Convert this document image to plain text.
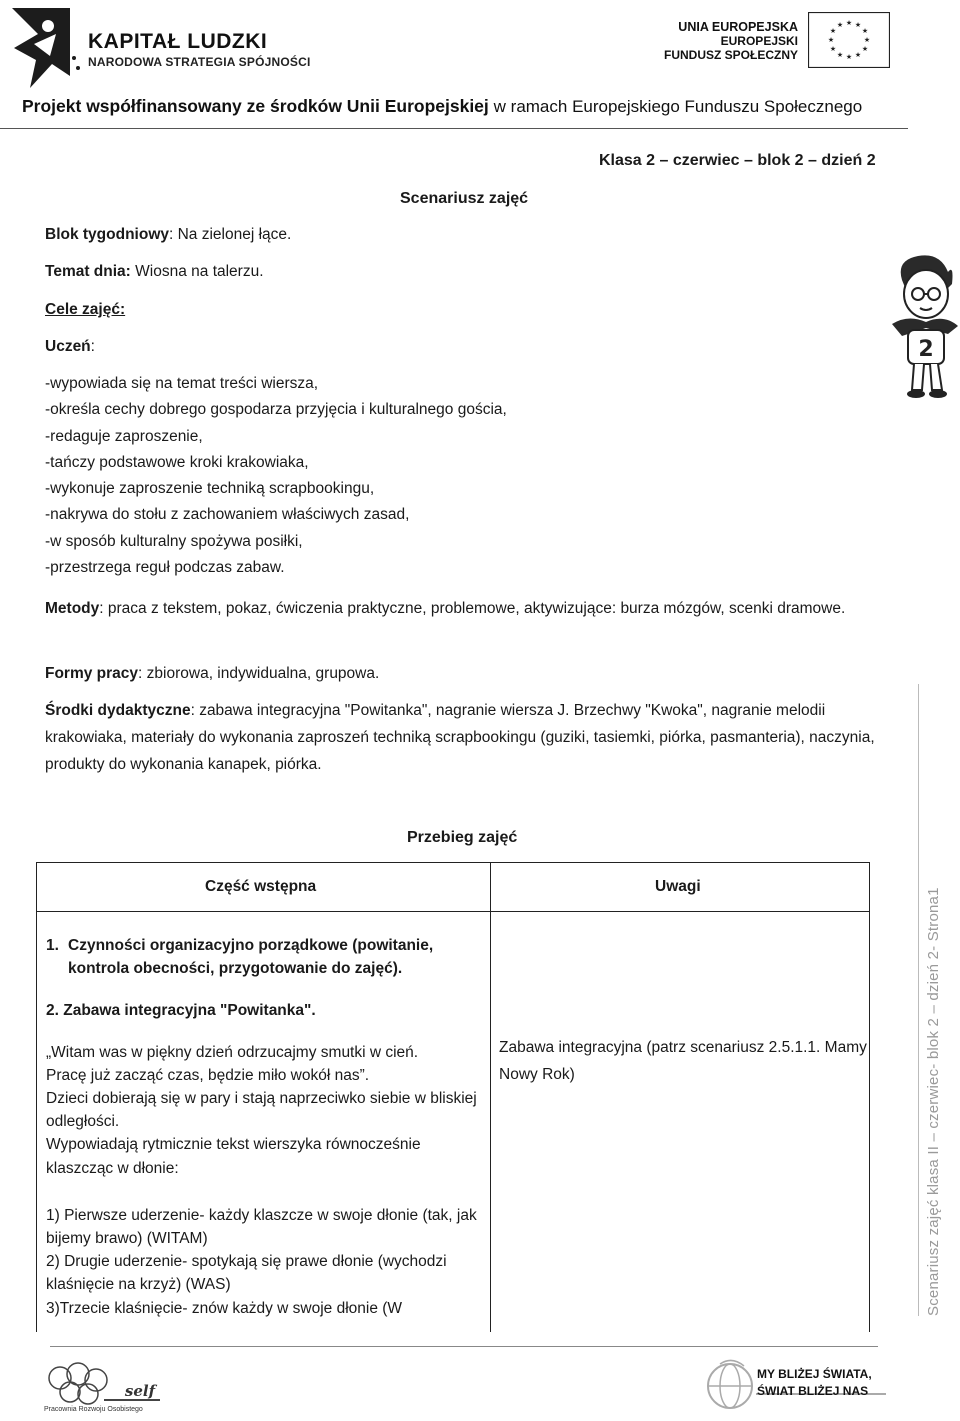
KAPITAŁ LUDZKI
NARODOWA STRATEGIA SPÓJNOŚCI
UNIA EUROPEJSKA
EUROPEJSKI
FUNDUSZ SPOŁECZNY
★ ★
★
★
★
★
★
★
★
★
★
★
Projekt współfinansowany ze środków Unii Europejskiej w ramach Europejskiego Funduszu Społecznego
Klasa 2 – czerwiec – blok 2 – dzień 2
Scenariusz zajęć
Blok tygodniowy: Na zielonej łące.
Temat dnia: Wiosna na talerzu.
Cele zajęć:
Uczeń:
-wypowiada się na temat treści wiersza,
-określa cechy dobrego gospodarza przyjęcia i kulturalnego gościa,
-redaguje zaproszenie,
-tańczy podstawowe kroki krakowiaka,
-wykonuje zaproszenie techniką scrapbookingu,
-nakrywa do stołu z zachowaniem właściwych zasad,
-w sposób kulturalny spożywa posiłki,
-przestrzega reguł podczas zabaw.
Metody: praca z tekstem, pokaz, ćwiczenia praktyczne, problemowe, aktywizujące: burza mózgów, scenki dramowe.
Formy pracy: zbiorowa, indywidualna, grupowa.
Środki dydaktyczne: zabawa integracyjna "Powitanka", nagranie wiersza J. Brzechwy "Kwoka", nagranie melodii krakowiaka, materiały do wykonania zaproszeń techniką scrapbookingu (guziki, tasiemki, piórka, pasmanteria), naczynia, produkty do wykonania kanapek, piórka.
Przebieg zajęć
Część wstępna	Uwagi
1. Czynności organizacyjno porządkowe (powitanie, kontrola obecności, przygotowanie do zajęć).
2. Zabawa integracyjna "Powitanka".
„Witam was w piękny dzień odrzucajmy smutki w cień.
Pracę już zacząć czas, będzie miło wokół nas”.
Dzieci dobierają się w pary i stają naprzeciwko siebie w bliskiej odległości.
Wypowiadają rytmicznie tekst wierszyka równocześnie klaszcząc w dłonie:
1) Pierwsze uderzenie- każdy klaszcze w swoje dłonie (tak, jak bijemy brawo) (WITAM)
2) Drugie uderzenie- spotykają się prawe dłonie (wychodzi klaśnięcie na krzyż) (WAS)
3)Trzecie klaśnięcie- znów każdy w swoje dłonie (W
Zabawa integracyjna (patrz scenariusz 2.5.1.1. Mamy Nowy Rok)	Scenariusz zajęć klasa II – czerwiec- blok 2 – dzień 2- Strona1
2
self
Pracownia Rozwoju Osobistego
MY BLIŻEJ ŚWIATA,
ŚWIAT BLIŻEJ NAS
